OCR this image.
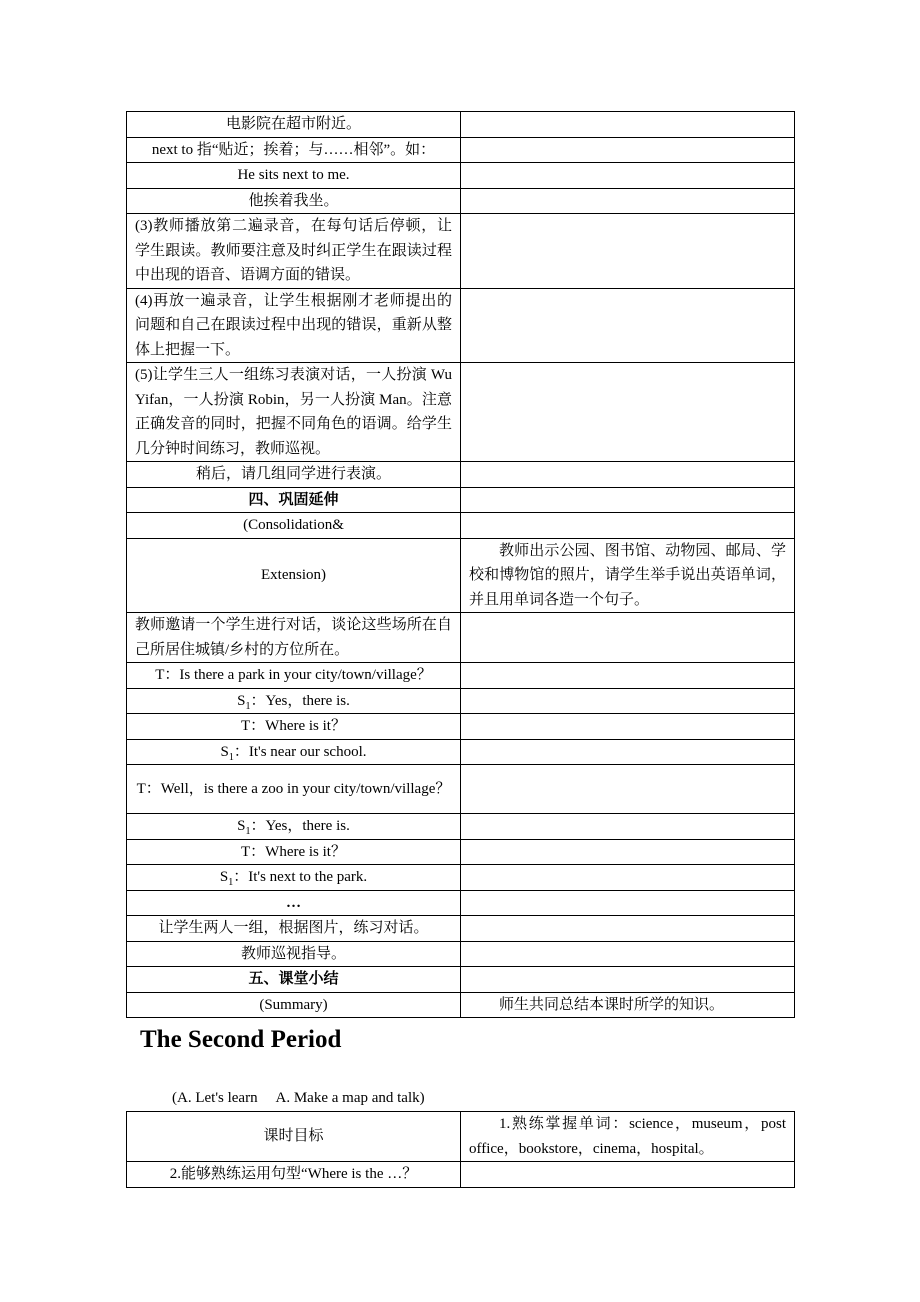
电影院在超市附近。	
next to 指“贴近；挨着；与……相邻”。如：	
He sits next to me.	
他挨着我坐。	
(3)教师播放第二遍录音，在每句话后停顿，让学生跟读。教师要注意及时纠正学生在跟读过程中出现的语音、语调方面的错误。	
(4)再放一遍录音，让学生根据刚才老师提出的问题和自己在跟读过程中出现的错误，重新从整体上把握一下。	
(5)让学生三人一组练习表演对话，一人扮演 Wu Yifan，一人扮演 Robin，另一人扮演 Man。注意正确发音的同时，把握不同角色的语调。给学生几分钟时间练习，教师巡视。	
稍后，请几组同学进行表演。	
四、巩固延伸	
(Consolidation&	
Extension)	教师出示公园、图书馆、动物园、邮局、学校和博物馆的照片，请学生举手说出英语单词，并且用单词各造一个句子。
教师邀请一个学生进行对话，谈论这些场所在自己所居住城镇/乡村的方位所在。	
T：Is there a park in your city/town/village？	
$S_1$：Yes，there is.	
T：Where is it？	
$S_1$：It's near our school.	
T：Well，is there a zoo in your city/town/village？	
$S_1$：Yes，there is.	
T：Where is it？	
$S_1$：It's next to the park.	
…	
让学生两人一组，根据图片，练习对话。	
教师巡视指导。	
五、课堂小结	
(Summary)	师生共同总结本课时所学的知识。
The Second Period
(A. Let's learn     A. Make a map and talk)
课时目标	1.熟练掌握单词：science，museum，post office，bookstore，cinema，hospital。
2.能够熟练运用句型“Where is the …？	
